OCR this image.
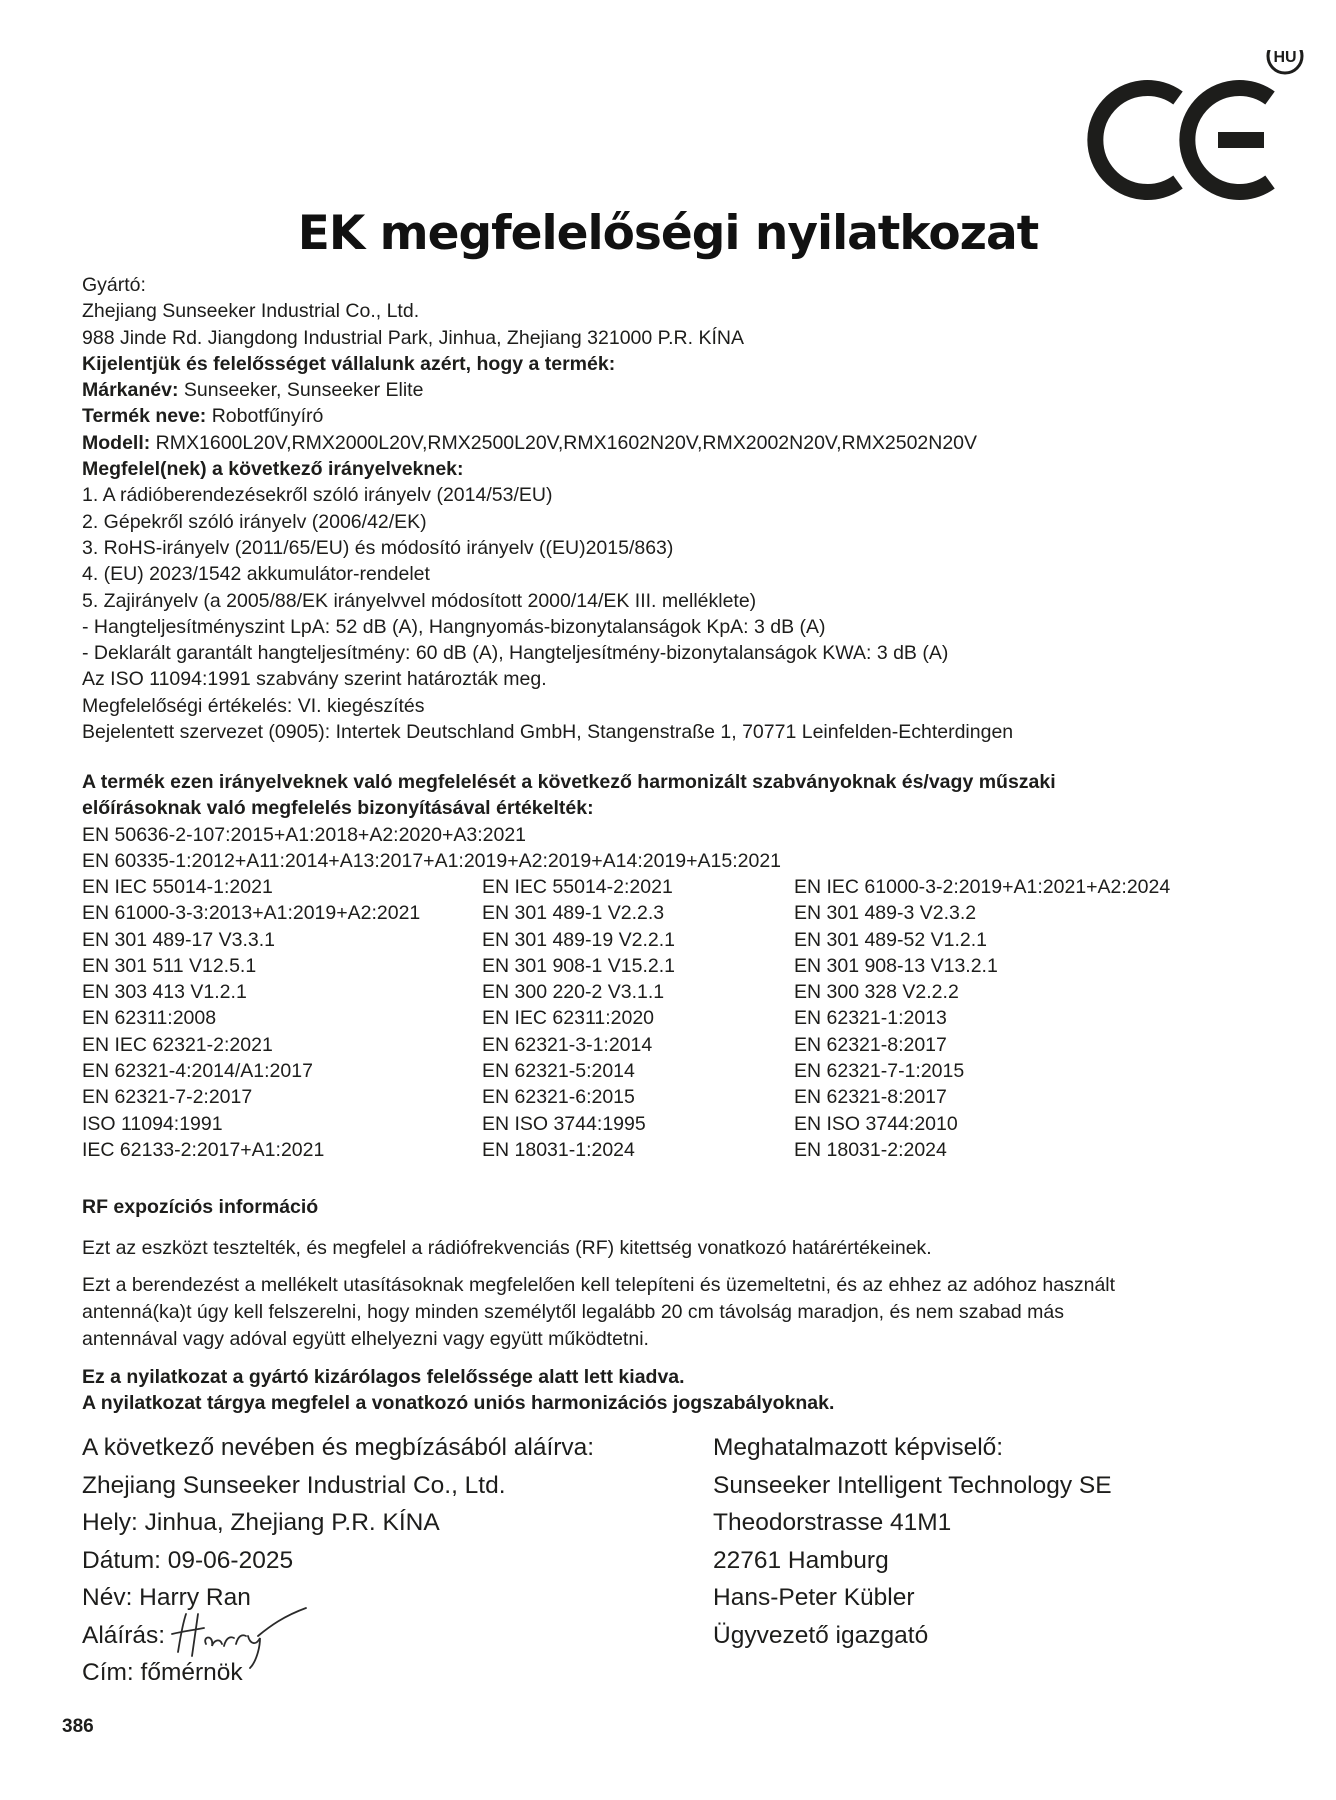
HU
EK megfelelőségi nyilatkozat
Gyártó:
Zhejiang Sunseeker Industrial Co., Ltd.
988 Jinde Rd. Jiangdong Industrial Park, Jinhua, Zhejiang 321000 P.R. KÍNA
Kijelentjük és felelősséget vállalunk azért, hogy a termék:
Márkanév: Sunseeker, Sunseeker Elite
Termék neve: Robotfűnyíró
Modell: RMX1600L20V,RMX2000L20V,RMX2500L20V,RMX1602N20V,RMX2002N20V,RMX2502N20V
Megfelel(nek) a következő irányelveknek:
1. A rádióberendezésekről szóló irányelv (2014/53/EU)
2. Gépekről szóló irányelv (2006/42/EK)
3. RoHS-irányelv (2011/65/EU) és módosító irányelv ((EU)2015/863)
4. (EU) 2023/1542 akkumulátor-rendelet
5. Zajirányelv (a 2005/88/EK irányelvvel módosított 2000/14/EK III. melléklete)
- Hangteljesítményszint LpA: 52 dB (A), Hangnyomás-bizonytalanságok KpA: 3 dB (A)
- Deklarált garantált hangteljesítmény: 60 dB (A), Hangteljesítmény-bizonytalanságok KWA: 3 dB (A)
Az ISO 11094:1991 szabvány szerint határozták meg.
Megfelelőségi értékelés: VI. kiegészítés
Bejelentett szervezet (0905): Intertek Deutschland GmbH, Stangenstraße 1, 70771 Leinfelden-Echterdingen
A termék ezen irányelveknek való megfelelését a következő harmonizált szabványoknak és/vagy műszaki
előírásoknak való megfelelés bizonyításával értékelték:
EN 50636-2-107:2015+A1:2018+A2:2020+A3:2021
EN 60335-1:2012+A11:2014+A13:2017+A1:2019+A2:2019+A14:2019+A15:2021
EN IEC 55014-1:2021	EN IEC 55014-2:2021	EN IEC 61000-3-2:2019+A1:2021+A2:2024
EN 61000-3-3:2013+A1:2019+A2:2021	EN 301 489-1 V2.2.3	EN 301 489-3 V2.3.2
EN 301 489-17 V3.3.1	EN 301 489-19 V2.2.1	EN 301 489-52 V1.2.1
EN 301 511 V12.5.1	EN 301 908-1 V15.2.1	EN 301 908-13 V13.2.1
EN 303 413 V1.2.1	EN 300 220-2 V3.1.1	EN 300 328 V2.2.2
EN 62311:2008	EN IEC 62311:2020	EN 62321-1:2013
EN IEC 62321-2:2021	EN 62321-3-1:2014	EN 62321-8:2017
EN 62321-4:2014/A1:2017	EN 62321-5:2014	EN 62321-7-1:2015
EN 62321-7-2:2017	EN 62321-6:2015	EN 62321-8:2017
ISO 11094:1991	EN ISO 3744:1995	EN ISO 3744:2010
IEC 62133-2:2017+A1:2021	EN 18031-1:2024	EN 18031-2:2024
RF expozíciós információ
Ezt az eszközt tesztelték, és megfelel a rádiófrekvenciás (RF) kitettség vonatkozó határértékeinek.
Ezt a berendezést a mellékelt utasításoknak megfelelően kell telepíteni és üzemeltetni, és az ehhez az adóhoz használt
antenná(ka)t úgy kell felszerelni, hogy minden személytől legalább 20 cm távolság maradjon, és nem szabad más
antennával vagy adóval együtt elhelyezni vagy együtt működtetni.
Ez a nyilatkozat a gyártó kizárólagos felelőssége alatt lett kiadva.
A nyilatkozat tárgya megfelel a vonatkozó uniós harmonizációs jogszabályoknak.
A következő nevében és megbízásából aláírva:
Zhejiang Sunseeker Industrial Co., Ltd.
Hely: Jinhua, Zhejiang P.R. KÍNA
Dátum: 09-06-2025
Név: Harry Ran
Aláírás:
Cím: főmérnök
Meghatalmazott képviselő:
Sunseeker Intelligent Technology SE
Theodorstrasse 41M1
22761 Hamburg
Hans-Peter Kübler
Ügyvezető igazgató
386
